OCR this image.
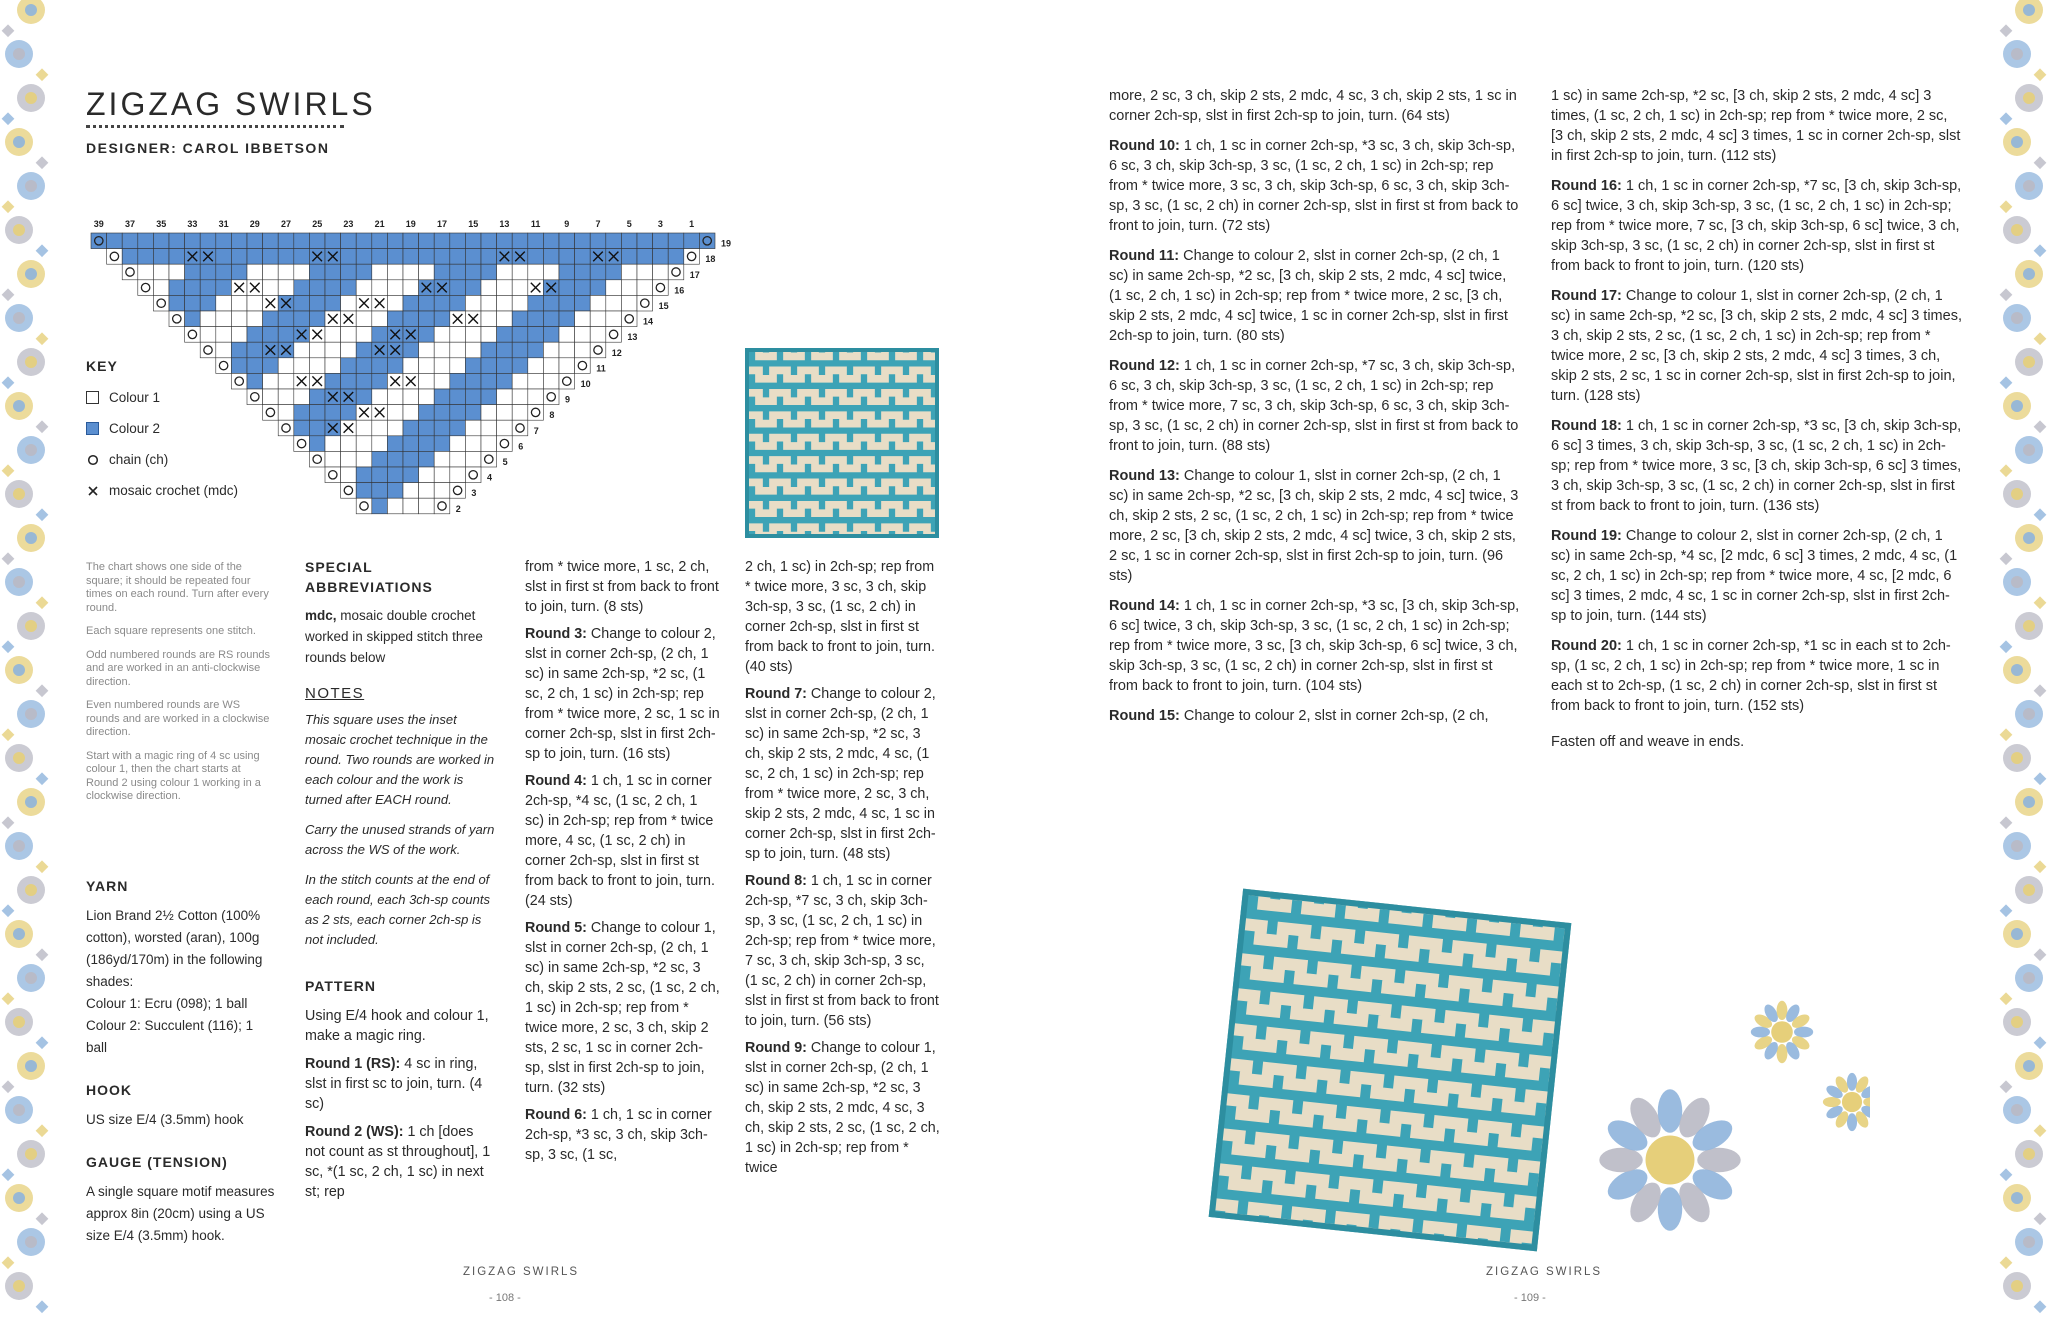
ZIGZAG SWIRLS
DESIGNER: CAROL IBBETSON
39 37 35 33 31 29 27 25 23 21 19 17 15 13 11	9	7	5	3	1
19
18
17
16
15
14
13
12
11
10
9
8
7
6
5
4
3
2
KEY
Colour 1
Colour 2
chain (ch)
mosaic crochet (mdc)

The chart shows one side of the square; it should be repeated four times on each round. Turn after every round.

Each square represents one stitch.

Odd numbered rounds are RS rounds and are worked in an anti-clockwise direction.

Even numbered rounds are WS rounds and are worked in a clockwise direction.

Start with a magic ring of 4 sc using colour 1, then the chart starts at Round 2 using colour 1 working in a clockwise direction.

YARN
Lion Brand 2½ Cotton (100% cotton), worsted (aran), 100g (186yd/170m) in the following shades:
Colour 1: Ecru (098); 1 ball
Colour 2: Succulent (116); 1 ball
HOOK
US size E/4 (3.5mm) hook
GAUGE (TENSION)
A single square motif measures approx 8in (20cm) using a US size E/4 (3.5mm) hook.
SPECIAL ABBREVIATIONS
mdc, mosaic double crochet worked in skipped stitch three rounds below
NOTES
This square uses the inset mosaic crochet technique in the round. Two rounds are worked in each colour and the work is turned after EACH round.
Carry the unused strands of yarn across the WS of the work.
In the stitch counts at the end of each round, each 3ch-sp counts as 2 sts, each corner 2ch-sp is not included.
PATTERN

Using E/4 hook and colour 1, make a magic ring.

Round 1 (RS): 4 sc in ring, slst in first sc to join, turn. (4 sc)

Round 2 (WS): 1 ch [does not count as st throughout], 1 sc, *(1 sc, 2 ch, 1 sc) in next st; rep

from * twice more, 1 sc, 2 ch, slst in first st from back to front to join, turn. (8 sts)

Round 3: Change to colour 2, slst in corner 2ch-sp, (2 ch, 1 sc) in same 2ch-sp, *2 sc, (1 sc, 2 ch, 1 sc) in 2ch-sp; rep from * twice more, 2 sc, 1 sc in corner 2ch-sp, slst in first 2ch-sp to join, turn. (16 sts)

Round 4: 1 ch, 1 sc in corner 2ch-sp, *4 sc, (1 sc, 2 ch, 1 sc) in 2ch-sp; rep from * twice more, 4 sc, (1 sc, 2 ch) in corner 2ch-sp, slst in first st from back to front to join, turn. (24 sts)

Round 5: Change to colour 1, slst in corner 2ch-sp, (2 ch, 1 sc) in same 2ch-sp, *2 sc, 3 ch, skip 2 sts, 2 sc, (1 sc, 2 ch, 1 sc) in 2ch-sp; rep from * twice more, 2 sc, 3 ch, skip 2 sts, 2 sc, 1 sc in corner 2ch-sp, slst in first 2ch-sp to join, turn. (32 sts)

Round 6: 1 ch, 1 sc in corner 2ch-sp, *3 sc, 3 ch, skip 3ch-sp, 3 sc, (1 sc,

2 ch, 1 sc) in 2ch-sp; rep from * twice more, 3 sc, 3 ch, skip 3ch-sp, 3 sc, (1 sc, 2 ch) in corner 2ch-sp, slst in first st from back to front to join, turn. (40 sts)

Round 7: Change to colour 2, slst in corner 2ch-sp, (2 ch, 1 sc) in same 2ch-sp, *2 sc, 3 ch, skip 2 sts, 2 mdc, 4 sc, (1 sc, 2 ch, 1 sc) in 2ch-sp; rep from * twice more, 2 sc, 3 ch, skip 2 sts, 2 mdc, 4 sc, 1 sc in corner 2ch-sp, slst in first 2ch-sp to join, turn. (48 sts)

Round 8: 1 ch, 1 sc in corner 2ch-sp, *7 sc, 3 ch, skip 3ch-sp, 3 sc, (1 sc, 2 ch, 1 sc) in 2ch-sp; rep from * twice more, 7 sc, 3 ch, skip 3ch-sp, 3 sc, (1 sc, 2 ch) in corner 2ch-sp, slst in first st from back to front to join, turn. (56 sts)

Round 9: Change to colour 1, slst in corner 2ch-sp, (2 ch, 1 sc) in same 2ch-sp, *2 sc, 3 ch, skip 2 sts, 2 mdc, 4 sc, 3 ch, skip 2 sts, 2 sc, (1 sc, 2 ch, 1 sc) in 2ch-sp; rep from * twice

ZIGZAG SWIRLS
- 108 -

more, 2 sc, 3 ch, skip 2 sts, 2 mdc, 4 sc, 3 ch, skip 2 sts, 1 sc in corner 2ch-sp, slst in first 2ch-sp to join, turn. (64 sts)

Round 10: 1 ch, 1 sc in corner 2ch-sp, *3 sc, 3 ch, skip 3ch-sp, 6 sc, 3 ch, skip 3ch-sp, 3 sc, (1 sc, 2 ch, 1 sc) in 2ch-sp; rep from * twice more, 3 sc, 3 ch, skip 3ch-sp, 6 sc, 3 ch, skip 3ch-sp, 3 sc, (1 sc, 2 ch) in corner 2ch-sp, slst in first st from back to front to join, turn. (72 sts)

Round 11: Change to colour 2, slst in corner 2ch-sp, (2 ch, 1 sc) in same 2ch-sp, *2 sc, [3 ch, skip 2 sts, 2 mdc, 4 sc] twice, (1 sc, 2 ch, 1 sc) in 2ch-sp; rep from * twice more, 2 sc, [3 ch, skip 2 sts, 2 mdc, 4 sc] twice, 1 sc in corner 2ch-sp, slst in first 2ch-sp to join, turn. (80 sts)

Round 12: 1 ch, 1 sc in corner 2ch-sp, *7 sc, 3 ch, skip 3ch-sp, 6 sc, 3 ch, skip 3ch-sp, 3 sc, (1 sc, 2 ch, 1 sc) in 2ch-sp; rep from * twice more, 7 sc, 3 ch, skip 3ch-sp, 6 sc, 3 ch, skip 3ch-sp, 3 sc, (1 sc, 2 ch) in corner 2ch-sp, slst in first st from back to front to join, turn. (88 sts)

Round 13: Change to colour 1, slst in corner 2ch-sp, (2 ch, 1 sc) in same 2ch-sp, *2 sc, [3 ch, skip 2 sts, 2 mdc, 4 sc] twice, 3 ch, skip 2 sts, 2 sc, (1 sc, 2 ch, 1 sc) in 2ch-sp; rep from * twice more, 2 sc, [3 ch, skip 2 sts, 2 mdc, 4 sc] twice, 3 ch, skip 2 sts, 2 sc, 1 sc in corner 2ch-sp, slst in first 2ch-sp to join, turn. (96 sts)

Round 14: 1 ch, 1 sc in corner 2ch-sp, *3 sc, [3 ch, skip 3ch-sp, 6 sc] twice, 3 ch, skip 3ch-sp, 3 sc, (1 sc, 2 ch, 1 sc) in 2ch-sp; rep from * twice more, 3 sc, [3 ch, skip 3ch-sp, 6 sc] twice, 3 ch, skip 3ch-sp, 3 sc, (1 sc, 2 ch) in corner 2ch-sp, slst in first st from back to front to join, turn. (104 sts)

Round 15: Change to colour 2, slst in corner 2ch-sp, (2 ch,

1 sc) in same 2ch-sp, *2 sc, [3 ch, skip 2 sts, 2 mdc, 4 sc] 3 times, (1 sc, 2 ch, 1 sc) in 2ch-sp; rep from * twice more, 2 sc, [3 ch, skip 2 sts, 2 mdc, 4 sc] 3 times, 1 sc in corner 2ch-sp, slst in first 2ch-sp to join, turn. (112 sts)

Round 16: 1 ch, 1 sc in corner 2ch-sp, *7 sc, [3 ch, skip 3ch-sp, 6 sc] twice, 3 ch, skip 3ch-sp, 3 sc, (1 sc, 2 ch, 1 sc) in 2ch-sp; rep from * twice more, 7 sc, [3 ch, skip 3ch-sp, 6 sc] twice, 3 ch, skip 3ch-sp, 3 sc, (1 sc, 2 ch) in corner 2ch-sp, slst in first st from back to front to join, turn. (120 sts)

Round 17: Change to colour 1, slst in corner 2ch-sp, (2 ch, 1 sc) in same 2ch-sp, *2 sc, [3 ch, skip 2 sts, 2 mdc, 4 sc] 3 times, 3 ch, skip 2 sts, 2 sc, (1 sc, 2 ch, 1 sc) in 2ch-sp; rep from * twice more, 2 sc, [3 ch, skip 2 sts, 2 mdc, 4 sc] 3 times, 3 ch, skip 2 sts, 2 sc, 1 sc in corner 2ch-sp, slst in first 2ch-sp to join, turn. (128 sts)

Round 18: 1 ch, 1 sc in corner 2ch-sp, *3 sc, [3 ch, skip 3ch-sp, 6 sc] 3 times, 3 ch, skip 3ch-sp, 3 sc, (1 sc, 2 ch, 1 sc) in 2ch-sp; rep from * twice more, 3 sc, [3 ch, skip 3ch-sp, 6 sc] 3 times, 3 ch, skip 3ch-sp, 3 sc, (1 sc, 2 ch) in corner 2ch-sp, slst in first st from back to front to join, turn. (136 sts)

Round 19: Change to colour 2, slst in corner 2ch-sp, (2 ch, 1 sc) in same 2ch-sp, *4 sc, [2 mdc, 6 sc] 3 times, 2 mdc, 4 sc, (1 sc, 2 ch, 1 sc) in 2ch-sp; rep from * twice more, 4 sc, [2 mdc, 6 sc] 3 times, 2 mdc, 4 sc, 1 sc in corner 2ch-sp, slst in first 2ch-sp to join, turn. (144 sts)

Round 20: 1 ch, 1 sc in corner 2ch-sp, *1 sc in each st to 2ch-sp, (1 sc, 2 ch, 1 sc) in 2ch-sp; rep from * twice more, 1 sc in each st to 2ch-sp, (1 sc, 2 ch) in corner 2ch-sp, slst in first st from back to front to join, turn. (152 sts)

Fasten off and weave in ends.

ZIGZAG SWIRLS
- 109 -
